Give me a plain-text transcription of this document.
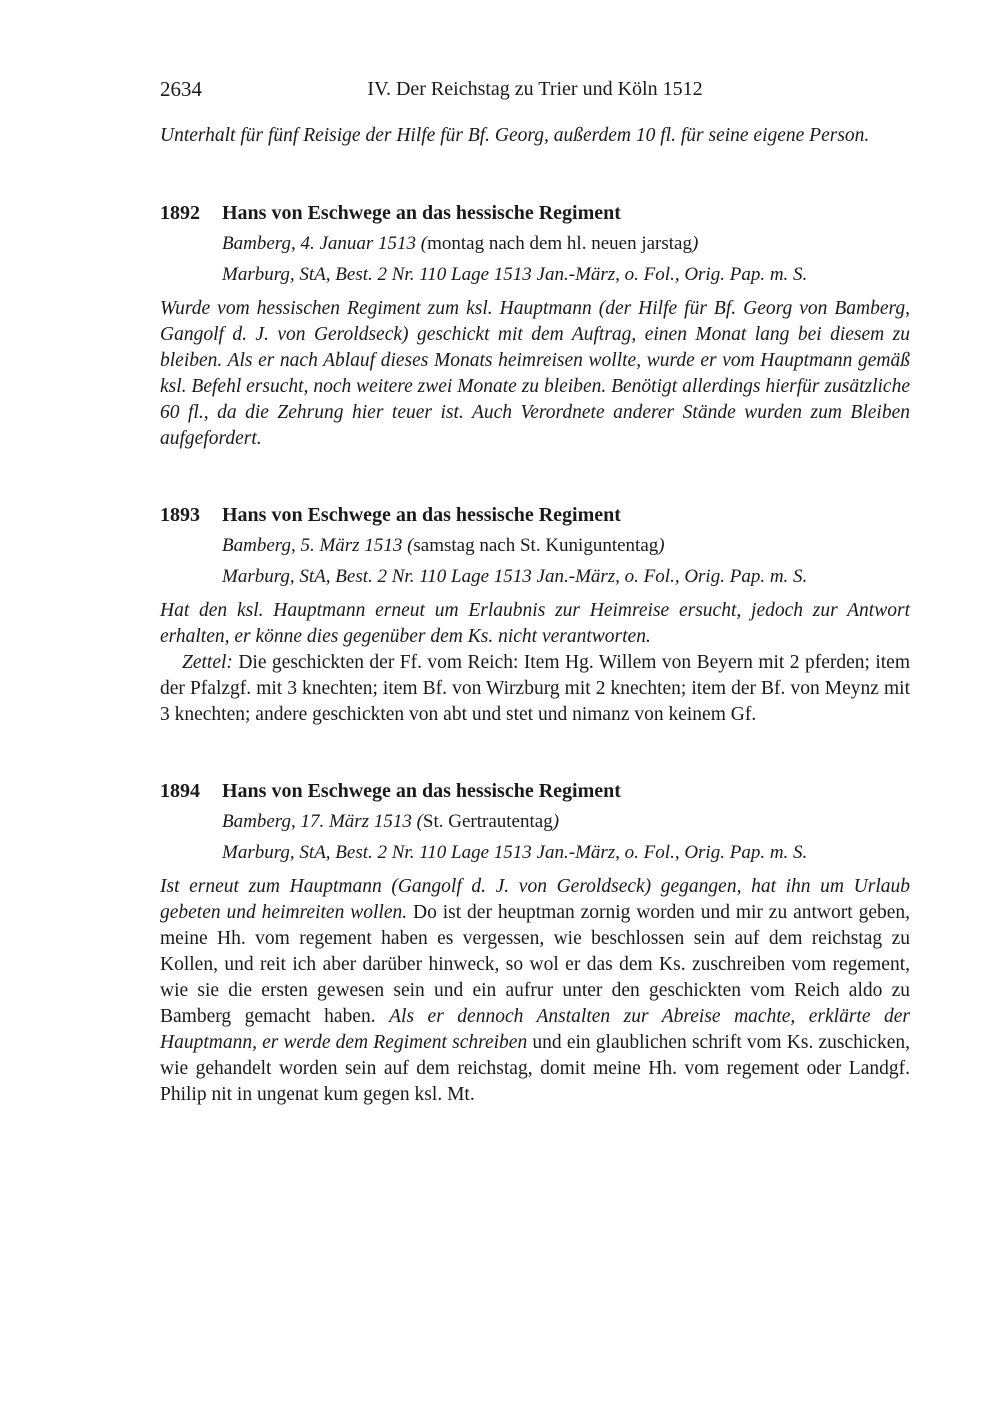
2634	IV. Der Reichstag zu Trier und Köln 1512

Unterhalt für fünf Reisige der Hilfe für Bf. Georg, außerdem 10 fl. für seine eigene Person.

1892	Hans von Eschwege an das hessische Regiment

Bamberg, 4. Januar 1513 (montag nach dem hl. neuen jarstag)

Marburg, StA, Best. 2 Nr. 110 Lage 1513 Jan.-März, o. Fol., Orig. Pap. m. S.

Wurde vom hessischen Regiment zum ksl. Hauptmann (der Hilfe für Bf. Georg von Bamberg, Gangolf d. J. von Geroldseck) geschickt mit dem Auftrag, einen Monat lang bei diesem zu bleiben. Als er nach Ablauf dieses Monats heimreisen wollte, wurde er vom Hauptmann gemäß ksl. Befehl ersucht, noch weitere zwei Monate zu bleiben. Benötigt allerdings hierfür zusätzliche 60 fl., da die Zehrung hier teuer ist. Auch Verordnete anderer Stände wurden zum Bleiben aufgefordert.

1893	Hans von Eschwege an das hessische Regiment

Bamberg, 5. März 1513 (samstag nach St. Kuniguntentag)

Marburg, StA, Best. 2 Nr. 110 Lage 1513 Jan.-März, o. Fol., Orig. Pap. m. S.

Hat den ksl. Hauptmann erneut um Erlaubnis zur Heimreise ersucht, jedoch zur Antwort erhalten, er könne dies gegenüber dem Ks. nicht verantworten.

Zettel: Die geschickten der Ff. vom Reich: Item Hg. Willem von Beyern mit 2 pferden; item der Pfalzgf. mit 3 knechten; item Bf. von Wirzburg mit 2 knechten; item der Bf. von Meynz mit 3 knechten; andere geschickten von abt und stet und nimanz von keinem Gf.

1894	Hans von Eschwege an das hessische Regiment

Bamberg, 17. März 1513 (St. Gertrautentag)

Marburg, StA, Best. 2 Nr. 110 Lage 1513 Jan.-März, o. Fol., Orig. Pap. m. S.

Ist erneut zum Hauptmann (Gangolf d. J. von Geroldseck) gegangen, hat ihn um Urlaub gebeten und heimreiten wollen. Do ist der heuptman zornig worden und mir zu antwort geben, meine Hh. vom regement haben es vergessen, wie beschlossen sein auf dem reichstag zu Kollen, und reit ich aber darüber hinweck, so wol er das dem Ks. zuschreiben vom regement, wie sie die ersten gewesen sein und ein aufrur unter den geschickten vom Reich aldo zu Bamberg gemacht haben. Als er dennoch Anstalten zur Abreise machte, erklärte der Hauptmann, er werde dem Regiment schreiben und ein glaublichen schrift vom Ks. zuschicken, wie gehandelt worden sein auf dem reichstag, domit meine Hh. vom regement oder Landgf. Philip nit in ungenat kum gegen ksl. Mt.
